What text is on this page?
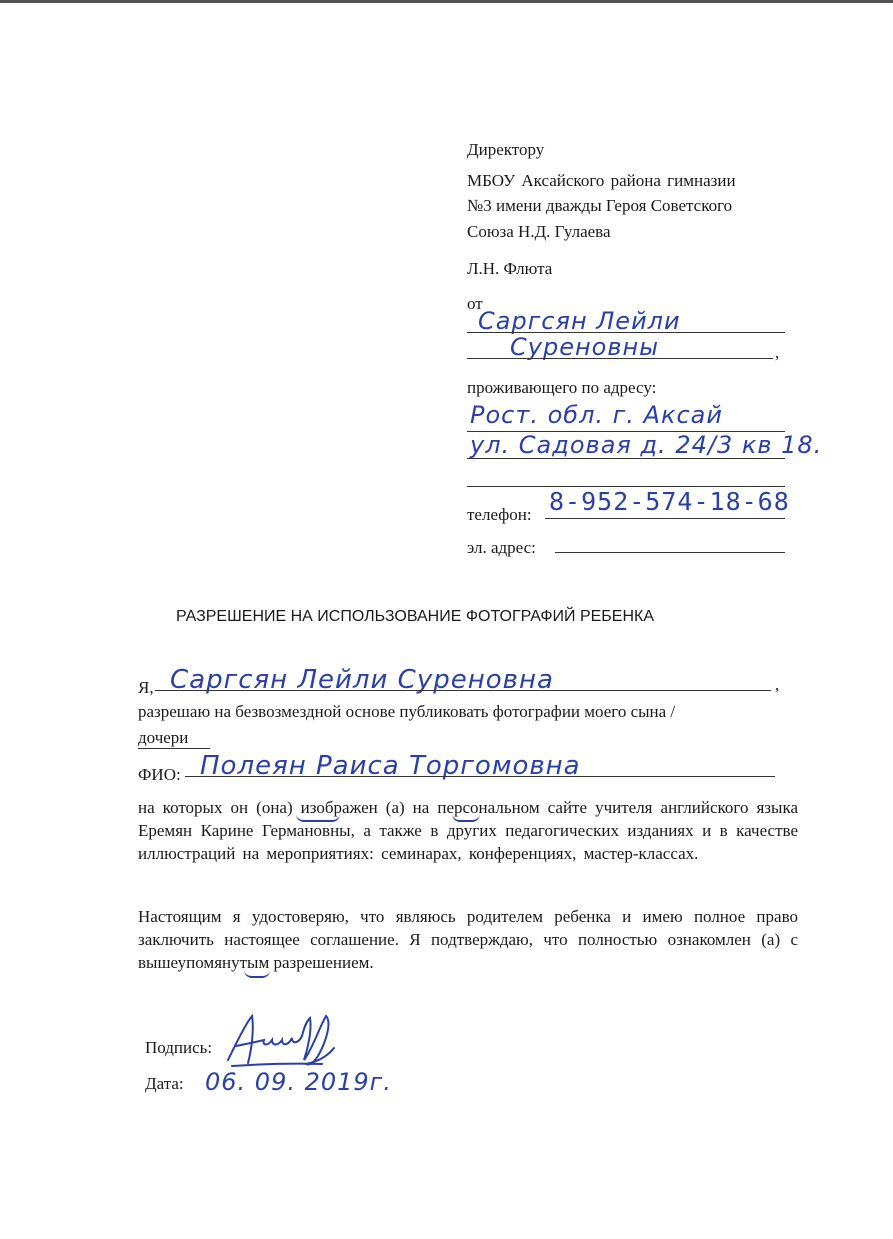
Директору
МБОУ Аксайского района гимназии
№3 имени дважды Героя Советского
Союза Н.Д. Гулаева
Л.Н. Флюта
от
Саргсян Лейли
Суреновны	,
проживающего по адресу:
Рост. обл. г. Аксай
ул. Садовая д. 24/3 кв 18.
телефон: 8-952-574-18-68
эл. адрес:
РАЗРЕШЕНИЕ НА ИСПОЛЬЗОВАНИЕ ФОТОГРАФИЙ РЕБЕНКА
Я, Саргсян Лейли Суреновна	,
разрешаю на безвозмездной основе публиковать фотографии моего сына /
дочери
ФИО: Полеян Раиса Торгомовна
на которых он (она) изображен (а) на персональном сайте учителя английского языка Еремян Карине Германовны, а также в других педагогических изданиях и в качестве иллюстраций на мероприятиях: семинарах, конференциях, мастер-классах.
Настоящим я удостоверяю, что являюсь родителем ребенка и имею полное право заключить настоящее соглашение. Я подтверждаю, что полностью ознакомлен (а) с вышеупомянутым разрешением.
Подпись:
Дата: 06. 09. 2019г.
